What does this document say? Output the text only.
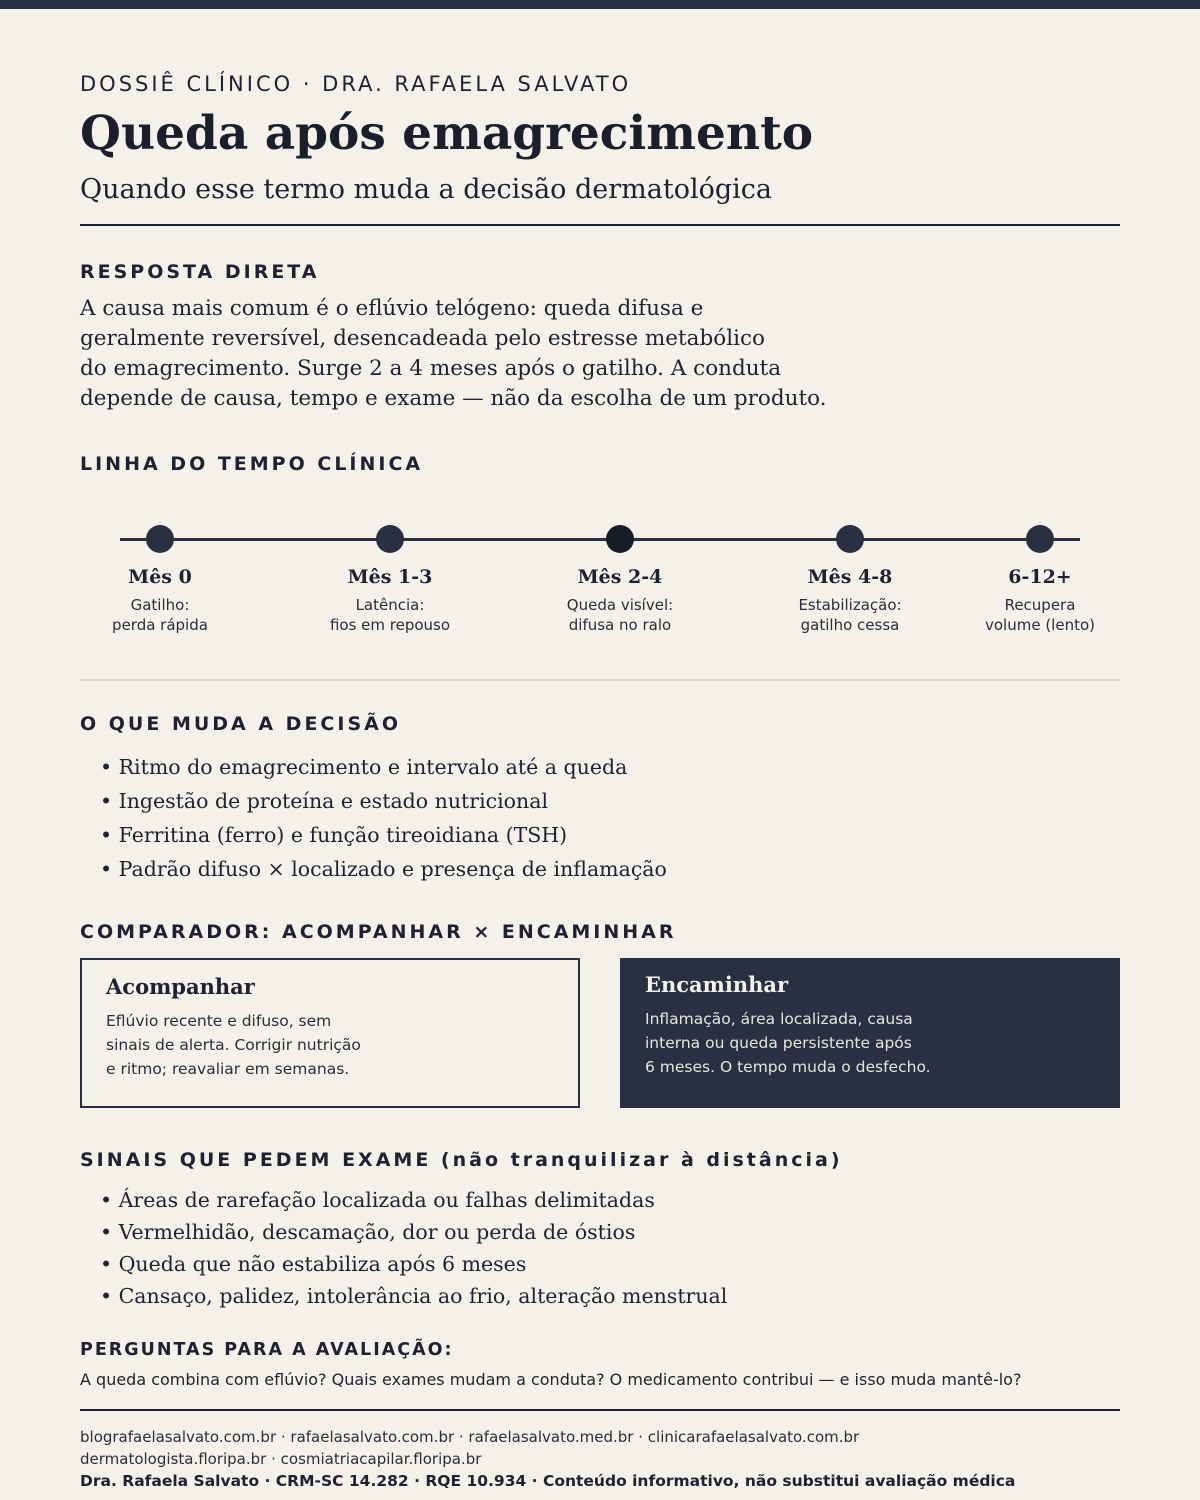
DOSSIÊ CLÍNICO · DRA. RAFAELA SALVATO
Queda após emagrecimento
Quando esse termo muda a decisão dermatológica
RESPOSTA DIRETA

A causa mais comum é o eflúvio telógeno: queda difusa e
geralmente reversível, desencadeada pelo estresse metabólico
do emagrecimento. Surge 2 a 4 meses após o gatilho. A conduta
depende de causa, tempo e exame — não da escolha de um produto.

LINHA DO TEMPO CLÍNICA
Mês 0
Gatilho:
perda rápida
Mês 1-3
Latência:
fios em repouso
Mês 2-4
Queda visível:
difusa no ralo
Mês 4-8
Estabilização:
gatilho cessa
6-12+
Recupera
volume (lento)
O QUE MUDA A DECISÃO
• Ritmo do emagrecimento e intervalo até a queda
• Ingestão de proteína e estado nutricional
• Ferritina (ferro) e função tireoidiana (TSH)
• Padrão difuso × localizado e presença de inflamação
COMPARADOR: ACOMPANHAR × ENCAMINHAR
Acompanhar
Eflúvio recente e difuso, sem
sinais de alerta. Corrigir nutrição
e ritmo; reavaliar em semanas.
Encaminhar
Inflamação, área localizada, causa
interna ou queda persistente após
6 meses. O tempo muda o desfecho.
SINAIS QUE PEDEM EXAME (não tranquilizar à distância)
• Áreas de rarefação localizada ou falhas delimitadas
• Vermelhidão, descamação, dor ou perda de óstios
• Queda que não estabiliza após 6 meses
• Cansaço, palidez, intolerância ao frio, alteração menstrual
PERGUNTAS PARA A AVALIAÇÃO:

A queda combina com eflúvio? Quais exames mudam a conduta? O medicamento contribui — e isso muda mantê-lo?

blografaelasalvato.com.br · rafaelasalvato.com.br · rafaelasalvato.med.br · clinicarafaelasalvato.com.br
dermatologista.floripa.br · cosmiatriacapilar.floripa.br

Dra. Rafaela Salvato · CRM-SC 14.282 · RQE 10.934 · Conteúdo informativo, não substitui avaliação médica
